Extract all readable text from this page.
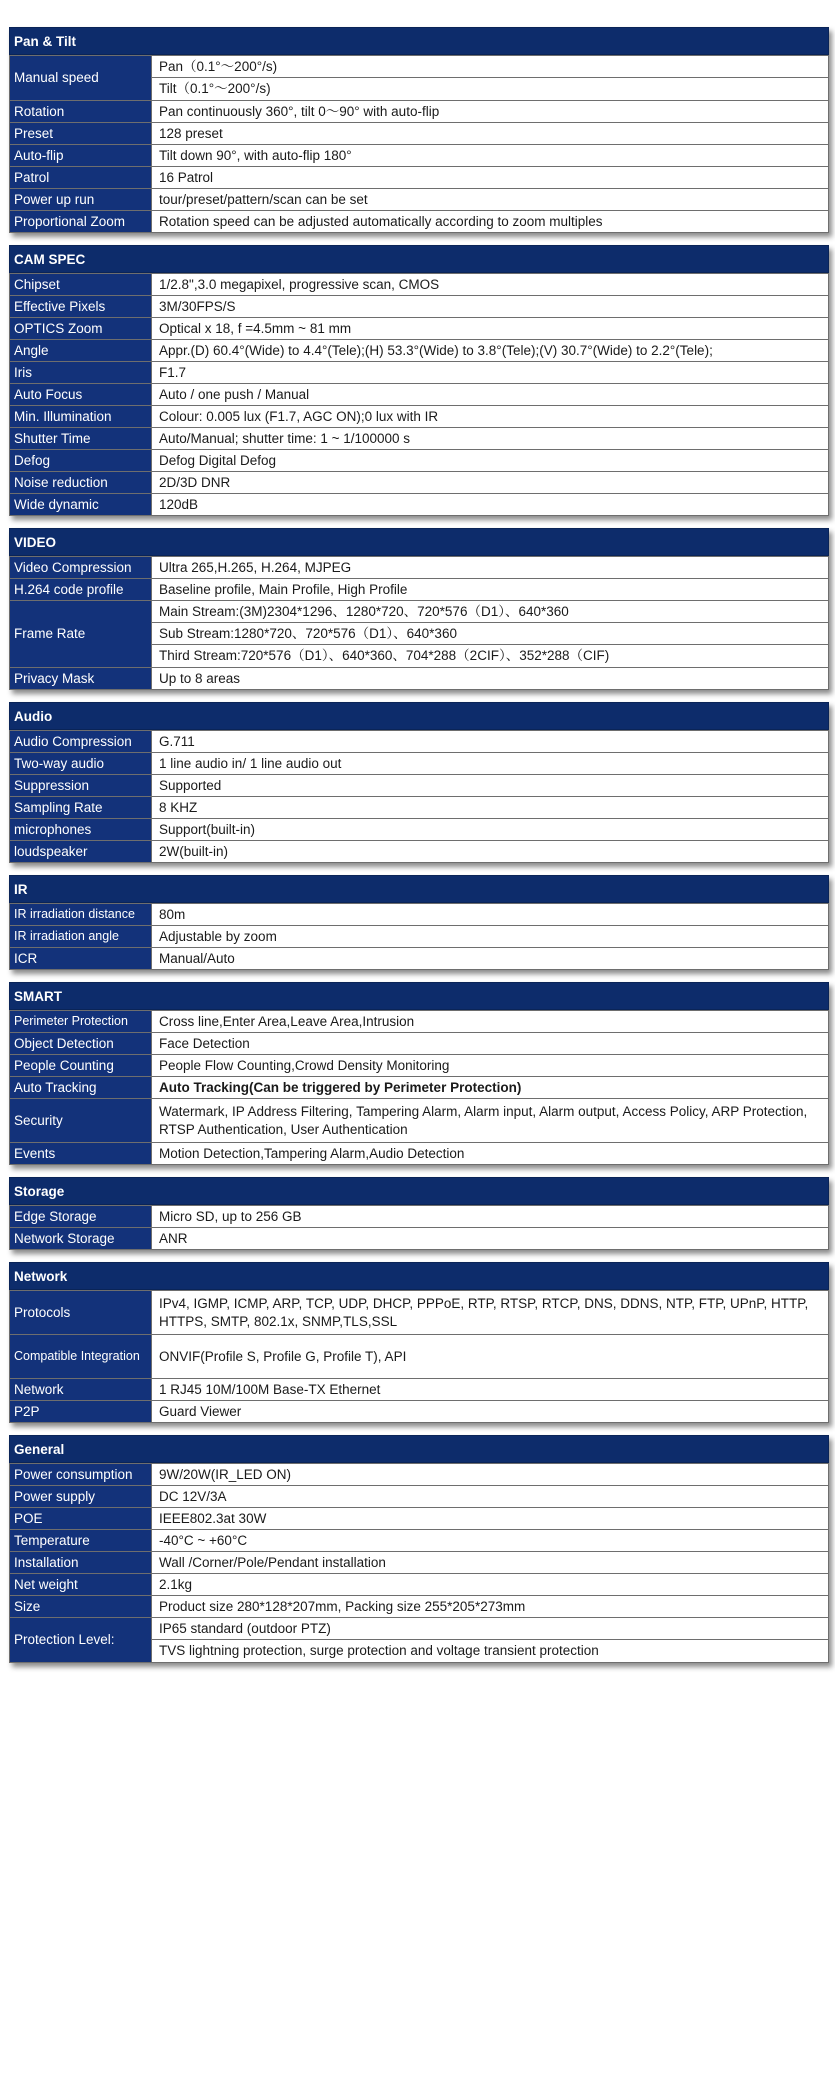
Pan & Tilt
Manual speed	Pan（0.1°～200°/s)
Tilt（0.1°～200°/s)

Rotation	Pan continuously 360°, tilt 0～90° with auto-flip
Preset	128 preset
Auto-flip	Tilt down 90°, with auto-flip 180°
Patrol	16 Patrol
Power up run	tour/preset/pattern/scan can be set
Proportional Zoom	Rotation speed can be adjusted automatically according to zoom multiples
CAM SPEC
Chipset	1/2.8",3.0 megapixel, progressive scan, CMOS
Effective Pixels	3M/30FPS/S
OPTICS Zoom	Optical x 18, f =4.5mm ~ 81 mm
Angle	Appr.(D) 60.4°(Wide) to 4.4°(Tele);(H) 53.3°(Wide) to 3.8°(Tele);(V) 30.7°(Wide) to 2.2°(Tele);
Iris	F1.7
Auto Focus	Auto / one push / Manual
Min. Illumination	Colour: 0.005 lux (F1.7, AGC ON);0 lux with IR
Shutter Time	Auto/Manual; shutter time: 1 ~ 1/100000 s
Defog	Defog Digital Defog
Noise reduction	2D/3D DNR
Wide dynamic	120dB
VIDEO
Video Compression	Ultra 265,H.265, H.264, MJPEG
H.264 code profile	Baseline profile, Main Profile, High Profile
Frame Rate	Main Stream:(3M)2304*1296、1280*720、720*576（D1）、640*360
Sub Stream:1280*720、720*576（D1）、640*360
Third Stream:720*576（D1）、640*360、704*288（2CIF）、352*288（CIF)

Privacy Mask	Up to 8 areas
Audio
Audio Compression	G.711
Two-way audio	1 line audio in/ 1 line audio out
Suppression	Supported
Sampling Rate	8 KHZ
microphones	Support(built-in)
loudspeaker	2W(built-in)
IR
IR irradiation distance	80m
IR irradiation angle	Adjustable by zoom
ICR	Manual/Auto
SMART
Perimeter Protection	Cross line,Enter Area,Leave Area,Intrusion
Object Detection	Face Detection
People Counting	People Flow Counting,Crowd Density Monitoring
Auto Tracking	Auto Tracking(Can be triggered by Perimeter Protection)
Security	Watermark, IP Address Filtering, Tampering Alarm, Alarm input, Alarm output, Access Policy, ARP Protection, RTSP Authentication, User Authentication
Events	Motion Detection,Tampering Alarm,Audio Detection
Storage
Edge Storage	Micro SD, up to 256 GB
Network Storage	ANR
Network
Protocols	IPv4, IGMP, ICMP, ARP, TCP, UDP, DHCP, PPPoE, RTP, RTSP, RTCP, DNS, DDNS, NTP, FTP, UPnP, HTTP, HTTPS, SMTP, 802.1x, SNMP,TLS,SSL
Compatible Integration	ONVIF(Profile S, Profile G, Profile T), API
Network	1 RJ45 10M/100M Base-TX Ethernet
P2P	Guard Viewer
General
Power consumption	9W/20W(IR_LED ON)
Power supply	DC 12V/3A
POE	IEEE802.3at 30W
Temperature	-40°C ~ +60°C
Installation	Wall /Corner/Pole/Pendant installation
Net weight	2.1kg
Size	Product size 280*128*207mm, Packing size 255*205*273mm
Protection Level:	IP65 standard (outdoor PTZ)
TVS lightning protection, surge protection and voltage transient protection
